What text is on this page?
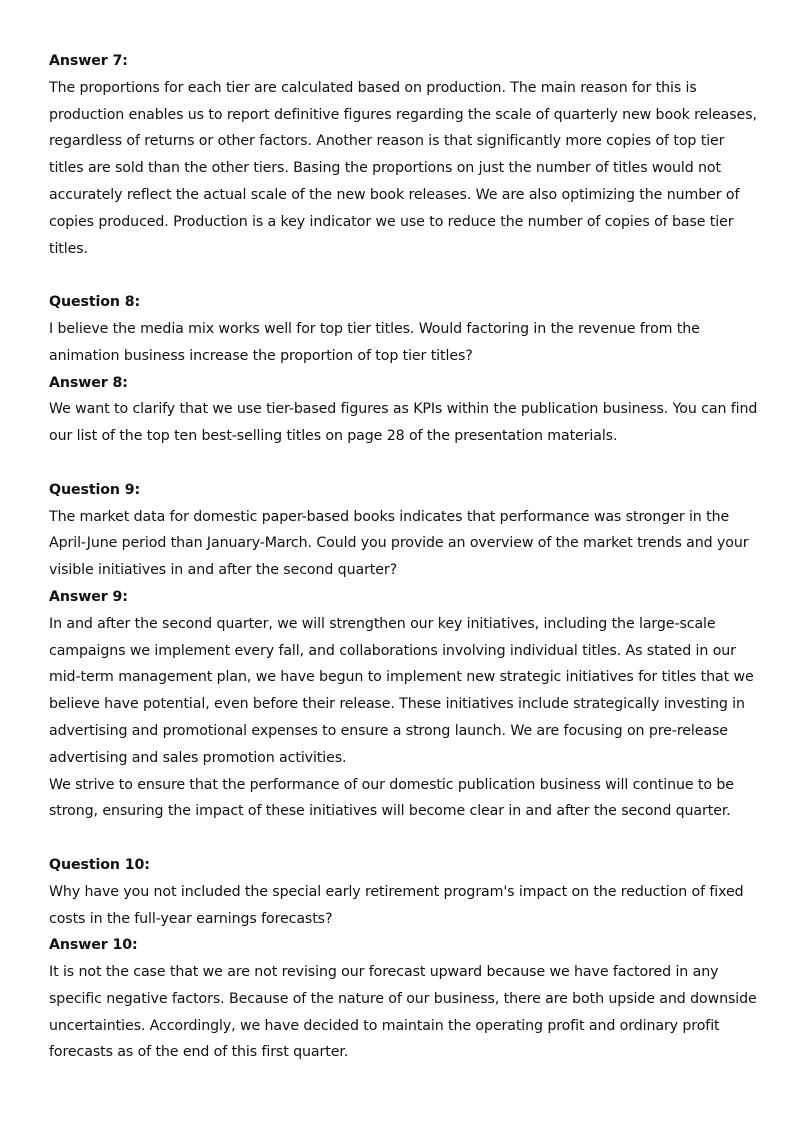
Answer 7:

The proportions for each tier are calculated based on production. The main reason for this is production enables us to report definitive figures regarding the scale of quarterly new book releases, regardless of returns or other factors. Another reason is that significantly more copies of top tier titles are sold than the other tiers. Basing the proportions on just the number of titles would not accurately reflect the actual scale of the new book releases. We are also optimizing the number of copies produced. Production is a key indicator we use to reduce the number of copies of base tier titles.

Question 8:

I believe the media mix works well for top tier titles. Would factoring in the revenue from the animation business increase the proportion of top tier titles?

Answer 8:

We want to clarify that we use tier-based figures as KPIs within the publication business. You can find our list of the top ten best-selling titles on page 28 of the presentation materials.

Question 9:

The market data for domestic paper-based books indicates that performance was stronger in the April-June period than January-March. Could you provide an overview of the market trends and your visible initiatives in and after the second quarter?

Answer 9:

In and after the second quarter, we will strengthen our key initiatives, including the large-scale campaigns we implement every fall, and collaborations involving individual titles. As stated in our mid-term management plan, we have begun to implement new strategic initiatives for titles that we believe have potential, even before their release. These initiatives include strategically investing in advertising and promotional expenses to ensure a strong launch. We are focusing on pre-release advertising and sales promotion activities.

We strive to ensure that the performance of our domestic publication business will continue to be strong, ensuring the impact of these initiatives will become clear in and after the second quarter.

Question 10:

Why have you not included the special early retirement program's impact on the reduction of fixed costs in the full-year earnings forecasts?

Answer 10:

It is not the case that we are not revising our forecast upward because we have factored in any specific negative factors. Because of the nature of our business, there are both upside and downside uncertainties. Accordingly, we have decided to maintain the operating profit and ordinary profit forecasts as of the end of this first quarter.
